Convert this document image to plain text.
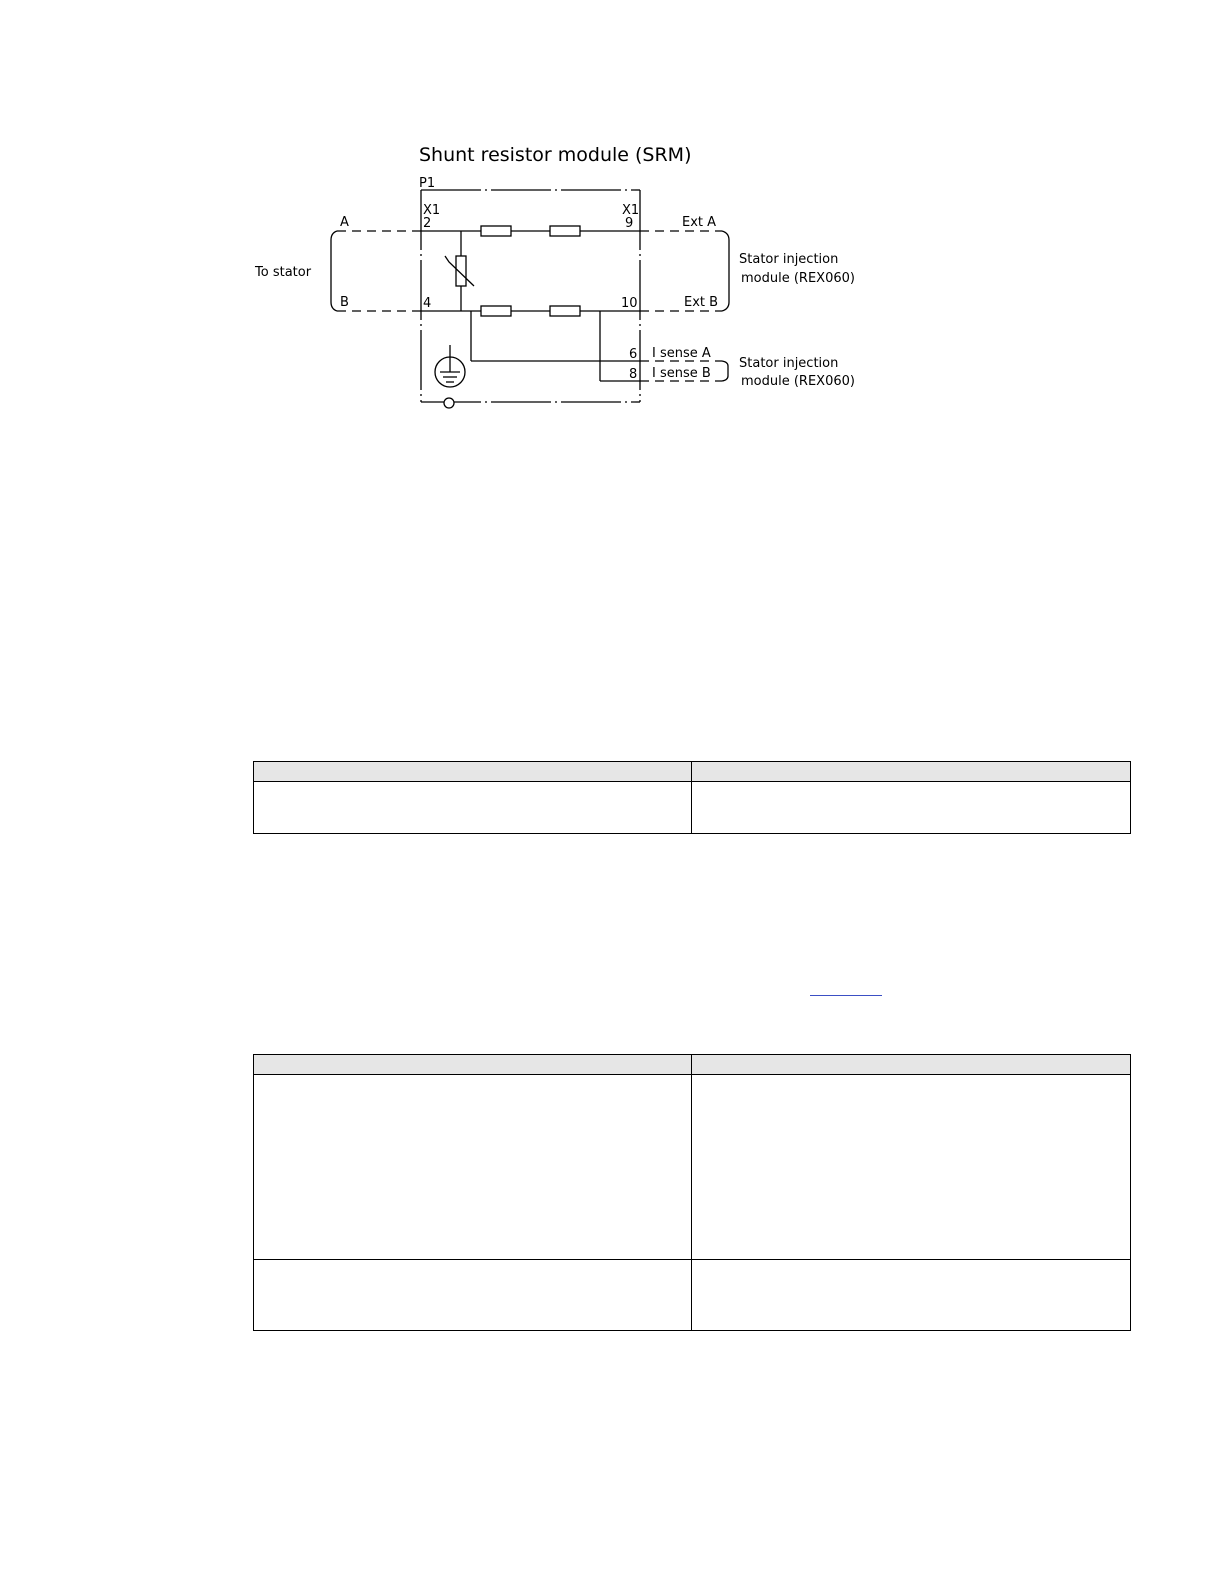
Shunt resistor module (SRM)
P1
X1	X1
2	9
4	10
6
8
A
B
Ext A
Ext B
To stator
Stator injection
module (REX060)
I sense A
I sense B
Stator injection
module (REX060)
